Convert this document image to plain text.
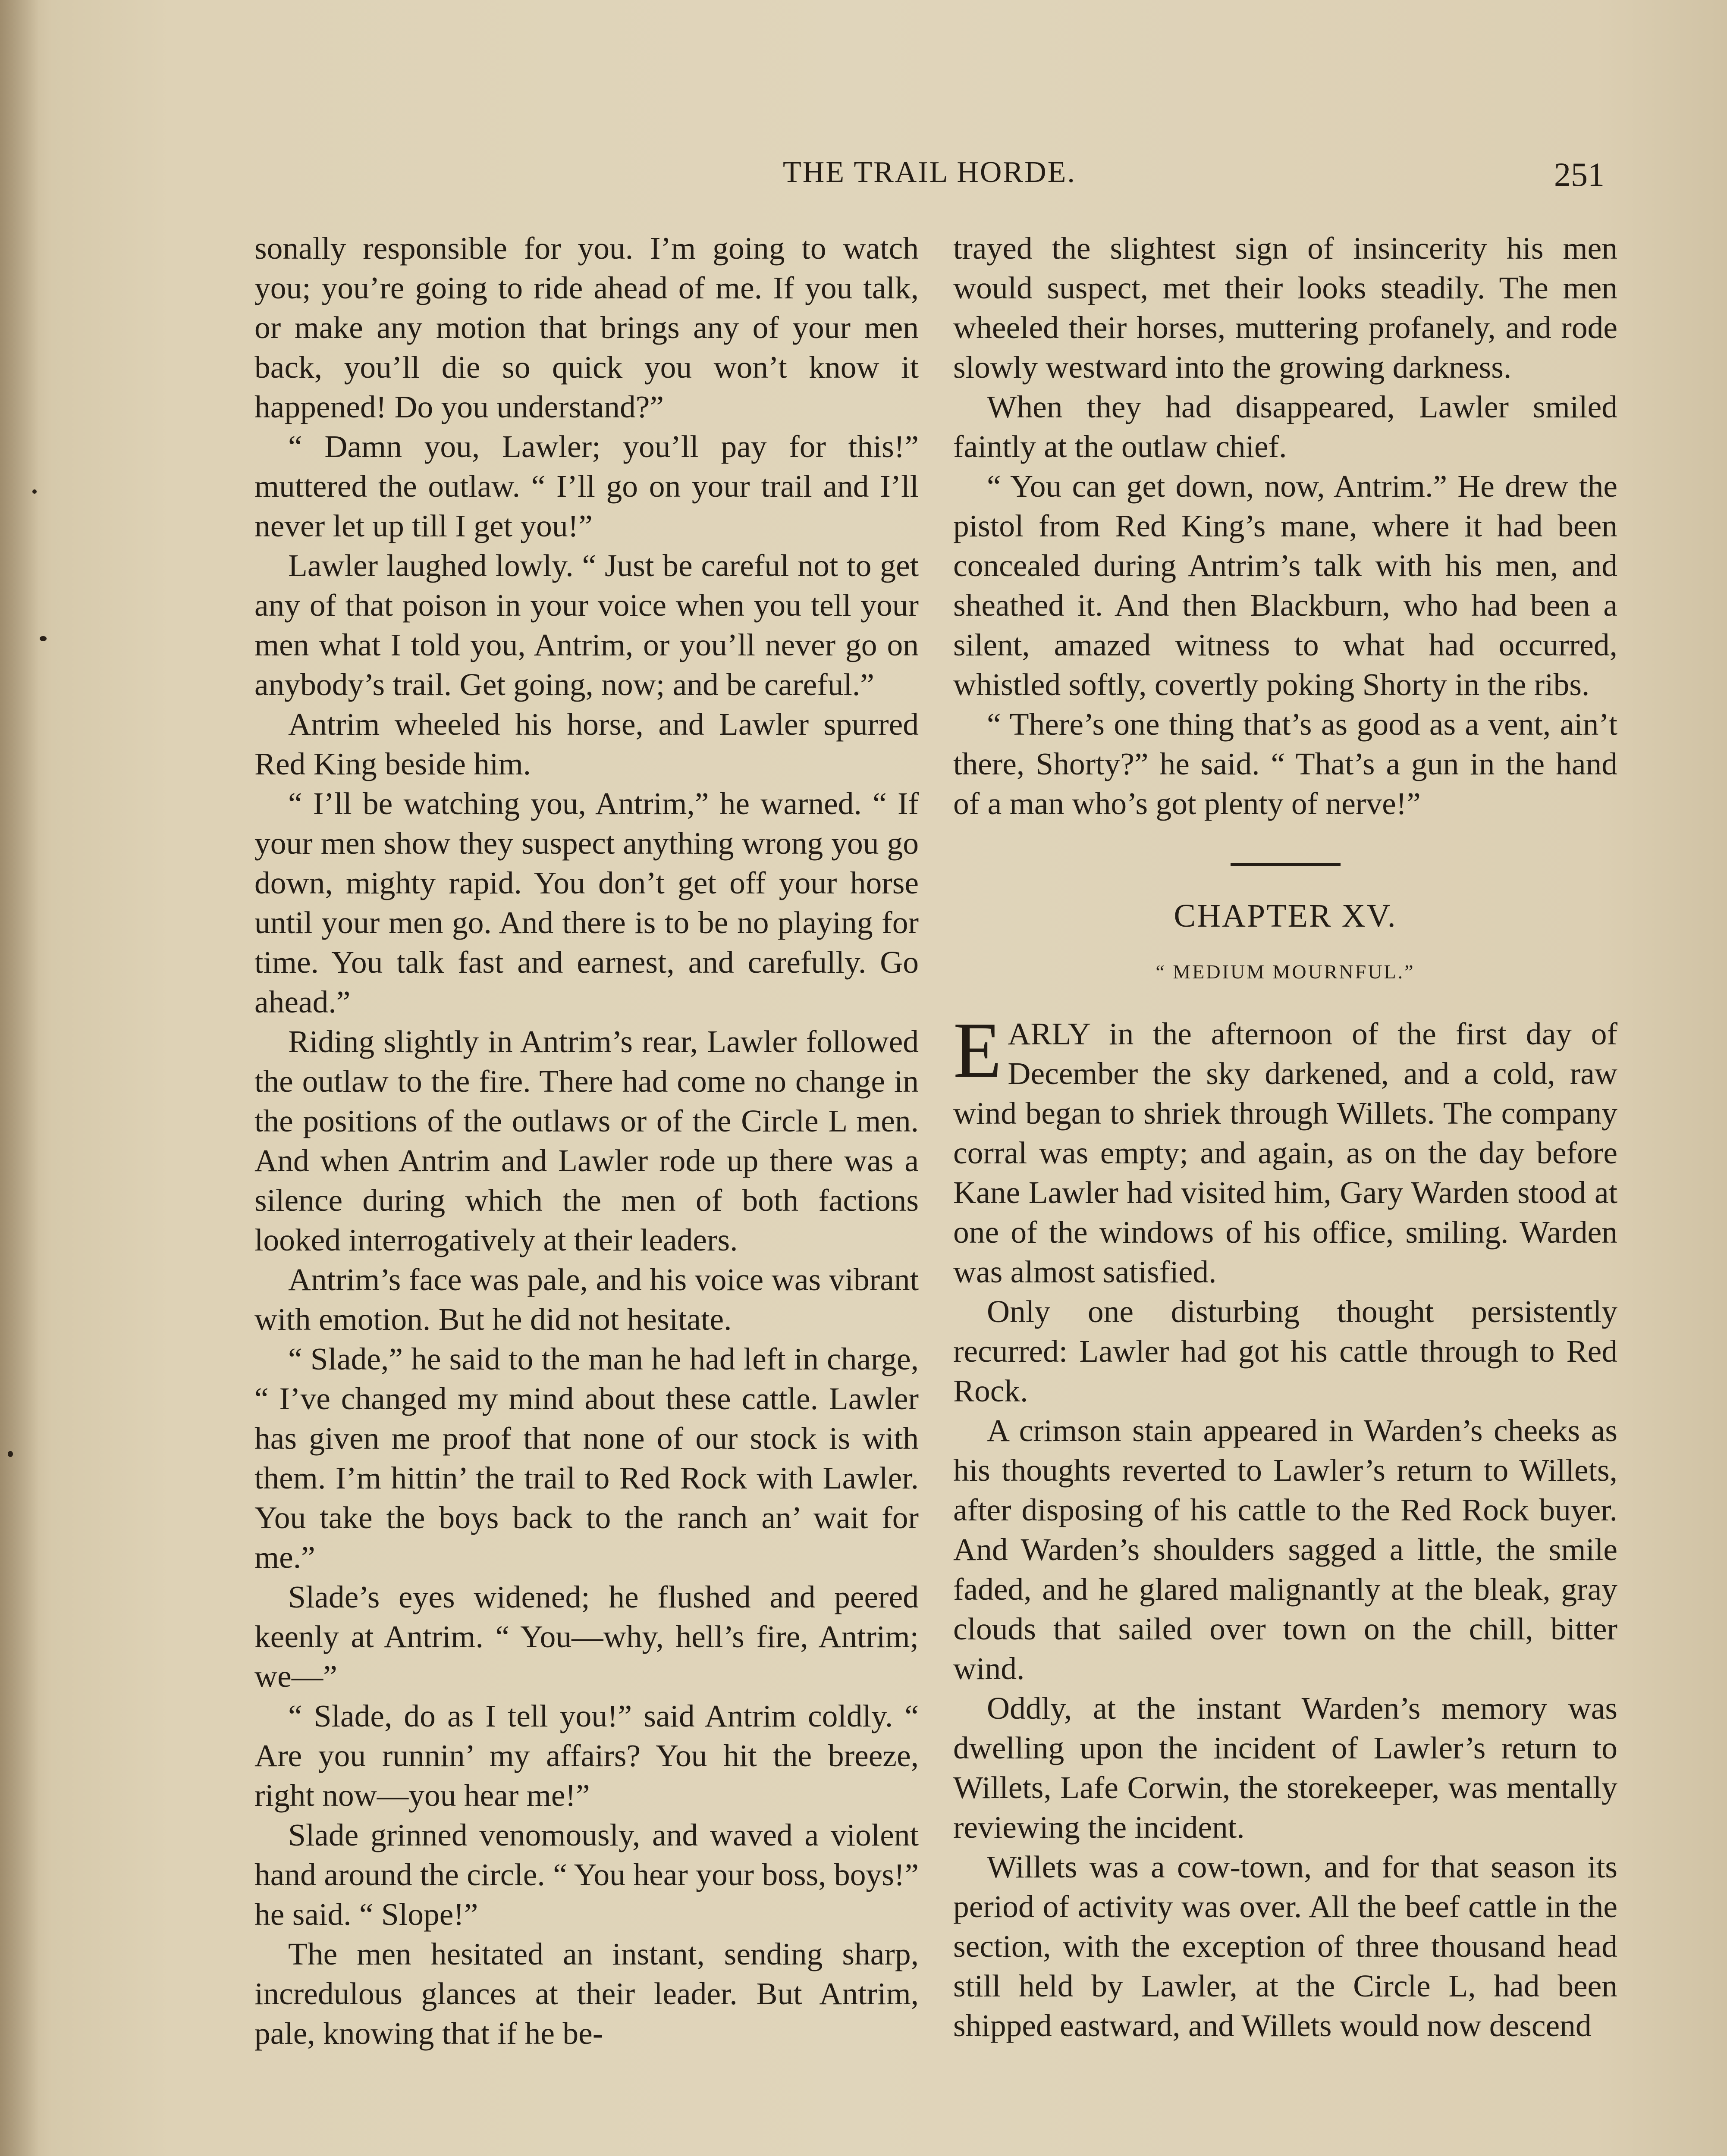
THE TRAIL HORDE.	251

sonally responsible for you. I’m going to watch you; you’re going to ride ahead of me. If you talk, or make any motion that brings any of your men back, you’ll die so quick you won’t know it happened! Do you understand?”

“ Damn you, Lawler; you’ll pay for this!” muttered the outlaw. “ I’ll go on your trail and I’ll never let up till I get you!”

Lawler laughed lowly. “ Just be careful not to get any of that poison in your voice when you tell your men what I told you, Antrim, or you’ll never go on anybody’s trail. Get going, now; and be careful.”

Antrim wheeled his horse, and Lawler spurred Red King beside him.

“ I’ll be watching you, Antrim,” he warned. “ If your men show they suspect anything wrong you go down, mighty rapid. You don’t get off your horse until your men go. And there is to be no playing for time. You talk fast and earnest, and carefully. Go ahead.”

Riding slightly in Antrim’s rear, Lawler followed the outlaw to the fire. There had come no change in the positions of the outlaws or of the Circle L men. And when Antrim and Lawler rode up there was a silence during which the men of both factions looked interrogatively at their leaders.

Antrim’s face was pale, and his voice was vibrant with emotion. But he did not hesitate.

“ Slade,” he said to the man he had left in charge, “ I’ve changed my mind about these cattle. Lawler has given me proof that none of our stock is with them. I’m hittin’ the trail to Red Rock with Lawler. You take the boys back to the ranch an’ wait for me.”

Slade’s eyes widened; he flushed and peered keenly at Antrim. “ You—why, hell’s fire, Antrim; we—”

“ Slade, do as I tell you!” said Antrim coldly. “ Are you runnin’ my affairs? You hit the breeze, right now—you hear me!”

Slade grinned venomously, and waved a violent hand around the circle. “ You hear your boss, boys!” he said. “ Slope!”

The men hesitated an instant, sending sharp, incredulous glances at their leader. But Antrim, pale, knowing that if he be-

trayed the slightest sign of insincerity his men would suspect, met their looks steadily. The men wheeled their horses, muttering profanely, and rode slowly westward into the growing darkness.

When they had disappeared, Lawler smiled faintly at the outlaw chief.

“ You can get down, now, Antrim.” He drew the pistol from Red King’s mane, where it had been concealed during Antrim’s talk with his men, and sheathed it. And then Blackburn, who had been a silent, amazed witness to what had occurred, whistled softly, covertly poking Shorty in the ribs.

“ There’s one thing that’s as good as a vent, ain’t there, Shorty?” he said. “ That’s a gun in the hand of a man who’s got plenty of nerve!”

CHAPTER XV.
“ MEDIUM MOURNFUL.”

EARLY in the afternoon of the first day of December the sky darkened, and a cold, raw wind began to shriek through Willets. The company corral was empty; and again, as on the day before Kane Lawler had visited him, Gary Warden stood at one of the windows of his office, smiling. Warden was almost satisfied.

Only one disturbing thought persistently recurred: Lawler had got his cattle through to Red Rock.

A crimson stain appeared in Warden’s cheeks as his thoughts reverted to Lawler’s return to Willets, after disposing of his cattle to the Red Rock buyer. And Warden’s shoulders sagged a little, the smile faded, and he glared malignantly at the bleak, gray clouds that sailed over town on the chill, bitter wind.

Oddly, at the instant Warden’s memory was dwelling upon the incident of Lawler’s return to Willets, Lafe Corwin, the storekeeper, was mentally reviewing the incident.

Willets was a cow-town, and for that season its period of activity was over. All the beef cattle in the section, with the exception of three thousand head still held by Lawler, at the Circle L, had been shipped eastward, and Willets would now descend
